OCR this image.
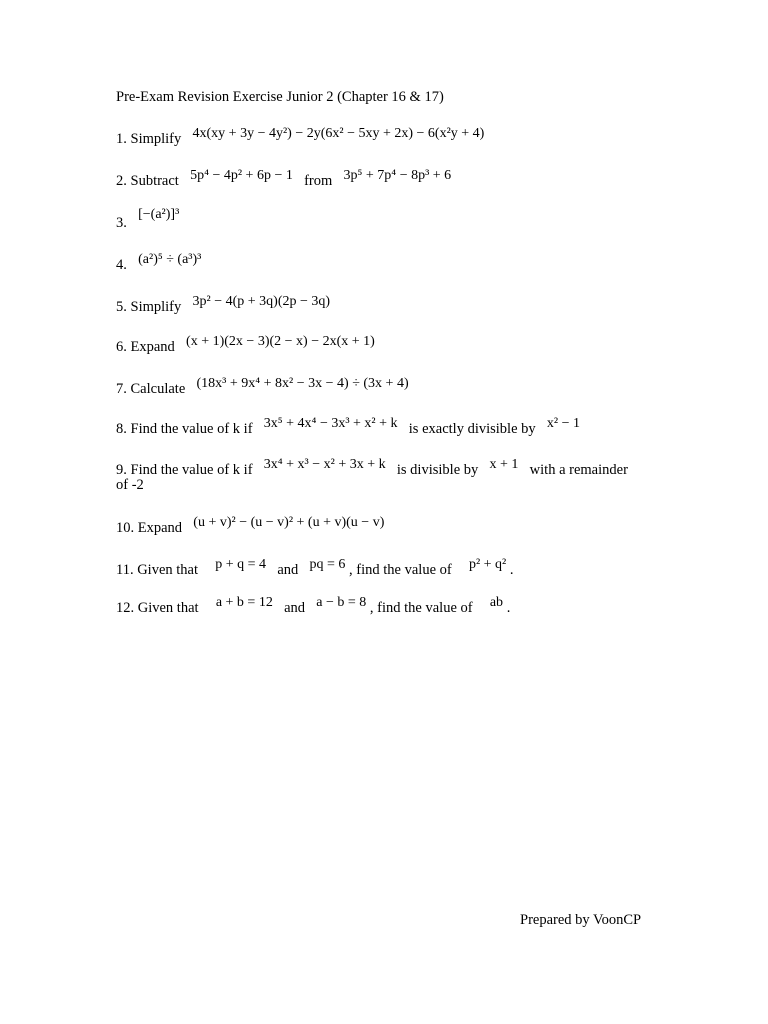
Pre-Exam Revision Exercise Junior 2 (Chapter 16 & 17)
1. Simplify 4x(xy + 3y − 4y²) − 2y(6x² − 5xy + 2x) − 6(x²y + 4)
2. Subtract 5p⁴ − 4p² + 6p − 1 from 3p⁵ + 7p⁴ − 8p³ + 6
3.  [−(a²)]³
4. (a²)⁵ ÷ (a³)³
5. Simplify 3p² − 4(p + 3q)(2p − 3q)
6. Expand (x + 1)(2x − 3)(2 − x) − 2x(x + 1)
7. Calculate (18x³ + 9x⁴ + 8x² − 3x − 4) ÷ (3x + 4)
8. Find the value of k if 3x⁵ + 4x⁴ − 3x³ + x² + k is exactly divisible by x² − 1
9. Find the value of k if 3x⁴ + x³ − x² + 3x + k is divisible by x + 1 with a remainder
of -2
10. Expand (u + v)² − (u − v)² + (u + v)(u − v)
11. Given that p + q = 4 and pq = 6 , find the value of p² + q² .
12. Given that a + b = 12 and a − b = 8 , find the value of ab .
Prepared by VoonCP
